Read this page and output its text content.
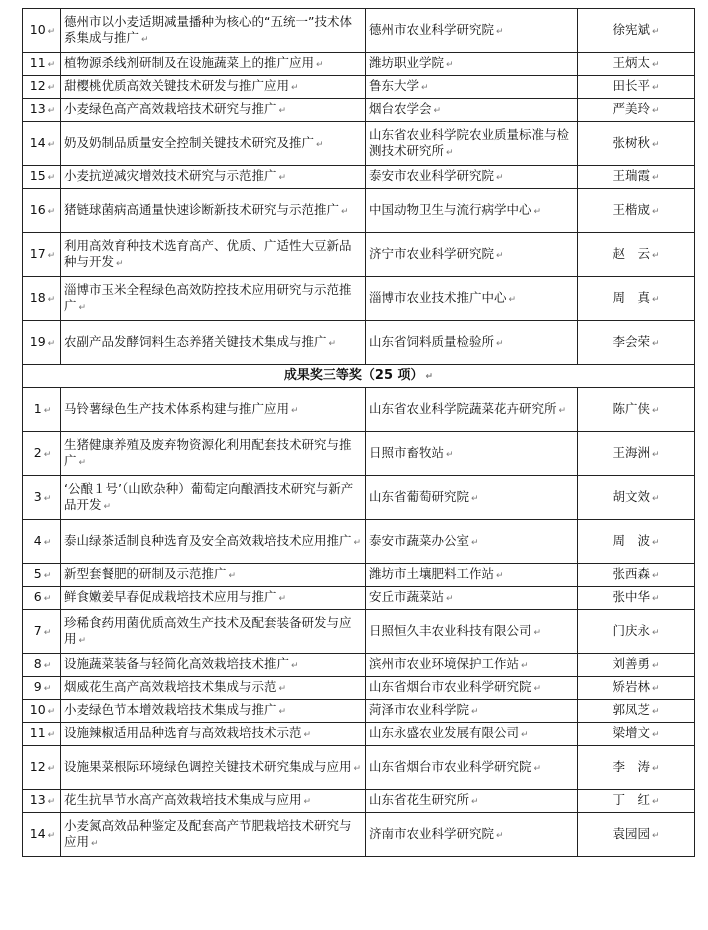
10 ↵	德州市以小麦适期减量播种为核心的“五统一”技术体系集成与推广 ↵	德州市农业科学研究院 ↵	徐宪斌 ↵
11 ↵	植物源杀线剂研制及在设施蔬菜上的推广应用 ↵	潍坊职业学院 ↵	王炳太 ↵
12 ↵	甜樱桃优质高效关键技术研发与推广应用 ↵	鲁东大学 ↵	田长平 ↵
13 ↵	小麦绿色高产高效栽培技术研究与推广 ↵	烟台农学会 ↵	严美玲 ↵
14 ↵	奶及奶制品质量安全控制关键技术研究及推广 ↵	山东省农业科学院农业质量标准与检测技术研究所 ↵	张树秋 ↵
15 ↵	小麦抗逆减灾增效技术研究与示范推广 ↵	泰安市农业科学研究院 ↵	王瑞霞 ↵
16 ↵	猪链球菌病高通量快速诊断新技术研究与示范推广 ↵	中国动物卫生与流行病学中心 ↵	王楷宬 ↵
17 ↵	利用高效育种技术选育高产、优质、广适性大豆新品种与开发 ↵	济宁市农业科学研究院 ↵	赵　云 ↵
18 ↵	淄博市玉米全程绿色高效防控技术应用研究与示范推广 ↵	淄博市农业技术推广中心 ↵	周　真 ↵
19 ↵	农副产品发酵饲料生态养猪关键技术集成与推广 ↵	山东省饲料质量检验所 ↵	李会荣 ↵
成果奖三等奖（25 项） ↵			
1 ↵	马铃薯绿色生产技术体系构建与推广应用 ↵	山东省农业科学院蔬菜花卉研究所 ↵	陈广侠 ↵
2 ↵	生猪健康养殖及废弃物资源化利用配套技术研究与推广 ↵	日照市畜牧站 ↵	王海洲 ↵
3 ↵	‘公酿１号’（山欧杂种）葡萄定向酿酒技术研究与新产品开发 ↵	山东省葡萄研究院 ↵	胡文效 ↵
4 ↵	泰山绿茶适制良种选育及安全高效栽培技术应用推广 ↵	泰安市蔬菜办公室 ↵	周　波 ↵
5 ↵	新型套餐肥的研制及示范推广 ↵	潍坊市土壤肥料工作站 ↵	张西森 ↵
6 ↵	鲜食嫩姜早春促成栽培技术应用与推广 ↵	安丘市蔬菜站 ↵	张中华 ↵
7 ↵	珍稀食药用菌优质高效生产技术及配套装备研发与应用 ↵	日照恒久丰农业科技有限公司 ↵	门庆永 ↵
8 ↵	设施蔬菜装备与轻简化高效栽培技术推广 ↵	滨州市农业环境保护工作站 ↵	刘善勇 ↵
9 ↵	烟威花生高产高效栽培技术集成与示范 ↵	山东省烟台市农业科学研究院 ↵	矫岩林 ↵
10 ↵	小麦绿色节本增效栽培技术集成与推广 ↵	菏泽市农业科学院 ↵	郭凤芝 ↵
11 ↵	设施辣椒适用品种选育与高效栽培技术示范 ↵	山东永盛农业发展有限公司 ↵	梁增文 ↵
12 ↵	设施果菜根际环境绿色调控关键技术研究集成与应用 ↵	山东省烟台市农业科学研究院 ↵	李　涛 ↵
13 ↵	花生抗旱节水高产高效栽培技术集成与应用 ↵	山东省花生研究所 ↵	丁　红 ↵
14 ↵	小麦氮高效品种鉴定及配套高产节肥栽培技术研究与应用 ↵	济南市农业科学研究院 ↵	袁园园 ↵
